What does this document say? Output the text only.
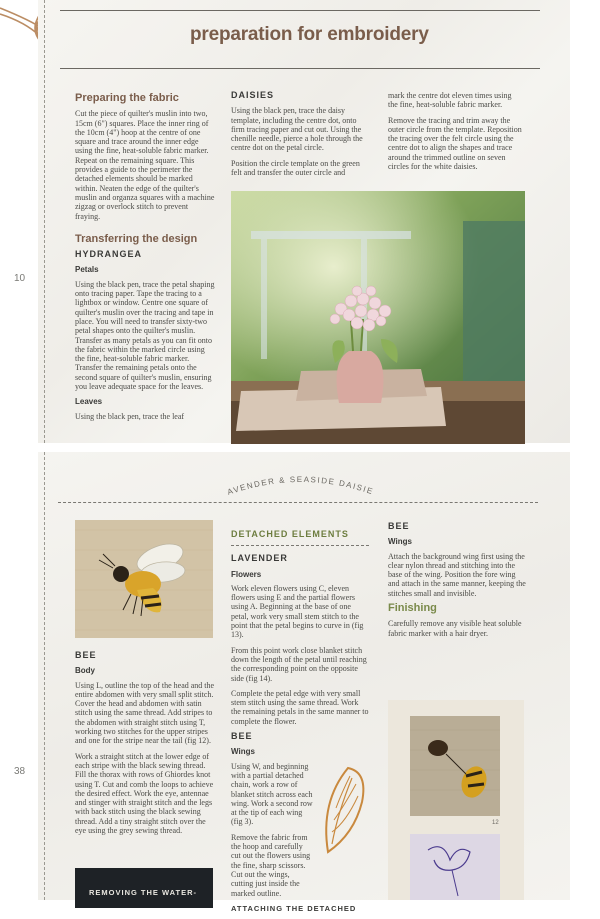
10
preparation for embroidery
Preparing the fabric

Cut the piece of quilter's muslin into two, 15cm (6") squares. Place the inner ring of the 10cm (4") hoop at the centre of one square and trace around the inner edge using the fine, heat-soluble fabric marker. Repeat on the remaining square. This provides a guide to the perimeter the detached elements should be marked within. Neaten the edge of the quilter's muslin and organza squares with a machine zigzag or overlock stitch to prevent fraying.

Transferring the design
HYDRANGEA
Petals

Using the black pen, trace the petal shaping onto tracing paper. Tape the tracing to a lightbox or window. Centre one square of quilter's muslin over the tracing and tape in place. You will need to transfer sixty-two petal shapes onto the quilter's muslin. Transfer as many petals as you can fit onto the fabric within the marked circle using the fine, heat-soluble fabric marker. Transfer the remaining petals onto the second square of quilter's muslin, ensuring you leave adequate space for the leaves.

Leaves

Using the black pen, trace the leaf

DAISIES

Using the black pen, trace the daisy template, including the centre dot, onto firm tracing paper and cut out. Using the chenille needle, pierce a hole through the centre dot on the petal circle.

Position the circle template on the green felt and transfer the outer circle and

mark the centre dot eleven times using the fine, heat-soluble fabric marker.

Remove the tracing and trim away the outer circle from the template. Reposition the tracing over the felt circle using the centre dot to align the shapes and trace around the trimmed outline on seven circles for the white daisies.

38
AVENDER & SEASIDE DAISIE
BEE
Body

Using L, outline the top of the head and the entire abdomen with very small split stitch. Cover the head and abdomen with satin stitch using the same thread. Add stripes to the abdomen with straight stitch using T, working two stitches for the upper stripes and one for the stripe near the tail (fig 12).

Work a straight stitch at the lower edge of each stripe with the black sewing thread. Fill the thorax with rows of Ghiordes knot using T. Cut and comb the loops to achieve the desired effect. Work the eye, antennae and stinger with straight stitch and the legs with back stitch using the black sewing thread. Add a tiny straight stitch over the eye using the grey sewing thread.

REMOVING THE WATER-
DETACHED ELEMENTS
LAVENDER
Flowers

Work eleven flowers using C, eleven flowers using E and the partial flowers using A. Beginning at the base of one petal, work very small stem stitch to the point that the petal begins to curve in (fig 13).

From this point work close blanket stitch down the length of the petal until reaching the corresponding point on the opposite side (fig 14).

Complete the petal edge with very small stem stitch using the same thread. Work the remaining petals in the same manner to complete the flower.

BEE
Wings

Using W, and beginning with a partial detached chain, work a row of blanket stitch across each wing. Work a second row at the tip of each wing (fig 3).

Remove the fabric from the hoop and carefully cut out the flowers using the fine, sharp scissors. Cut out the wings, cutting just inside the marked outline.

ATTACHING THE DETACHED
BEE
Wings

Attach the background wing first using the clear nylon thread and stitching into the base of the wing. Position the fore wing and attach in the same manner, keeping the stitches small and invisible.

Finishing

Carefully remove any visible heat soluble fabric marker with a hair dryer.

12
